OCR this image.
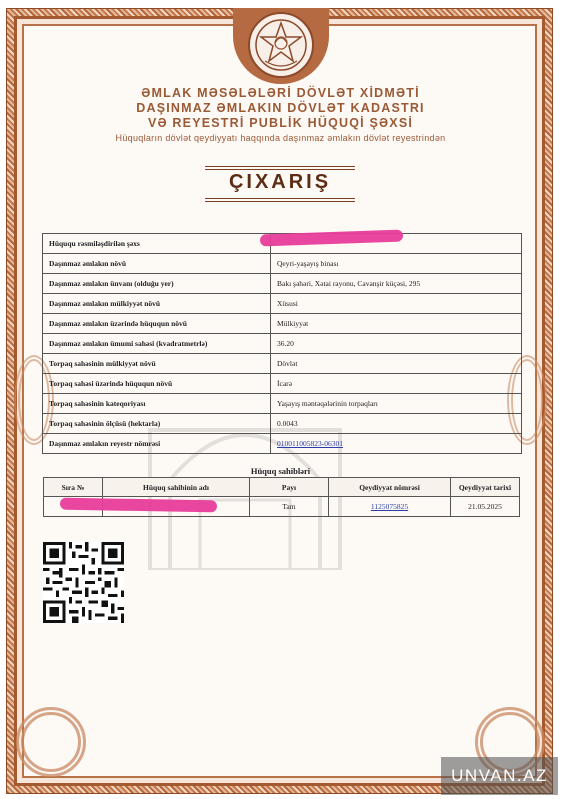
ƏMLAK MƏSƏLƏLƏRİ DÖVLƏT XİDMƏTİ
DAŞINMAZ ƏMLAKIN DÖVLƏT KADASTRI
VƏ REYESTRİ PUBLİK HÜQUQİ ŞƏXSİ
Hüquqların dövlət qeydiyyatı haqqında daşınmaz əmlakın dövlət reyestrindən
ÇIXARIŞ
Hüququ rəsmiləşdirilən şəxs	
Daşınmaz əmlakın növü	Qeyri-yaşayış binası
Daşınmaz əmlakın ünvanı (olduğu yer)	Bakı şəhəri, Xətai rayonu, Cavanşir küçəsi, 295
Daşınmaz əmlakın mülkiyyət növü	Xüsusi
Daşınmaz əmlakın üzərində hüququn növü	Mülkiyyət
Daşınmaz əmlakın ümumi sahəsi (kvadratmetrlə)	36.20
Torpaq sahəsinin mülkiyyət növü	Dövlət
Torpaq sahəsi üzərində hüququn növü	İcarə
Torpaq sahəsinin kateqoriyası	Yaşayış məntəqələrinin torpaqları
Torpaq sahəsinin ölçüsü (hektarla)	0.0043
Daşınmaz əmlakın reyestr nömrəsi	010011005823-06301
Hüquq sahibləri
Sıra №	Hüquq sahibinin adı	Payı	Qeydiyyat nömrəsi	Qeydiyyat tarixi
		Tam	1125075825	21.05.2025
UNVAN.AZ
